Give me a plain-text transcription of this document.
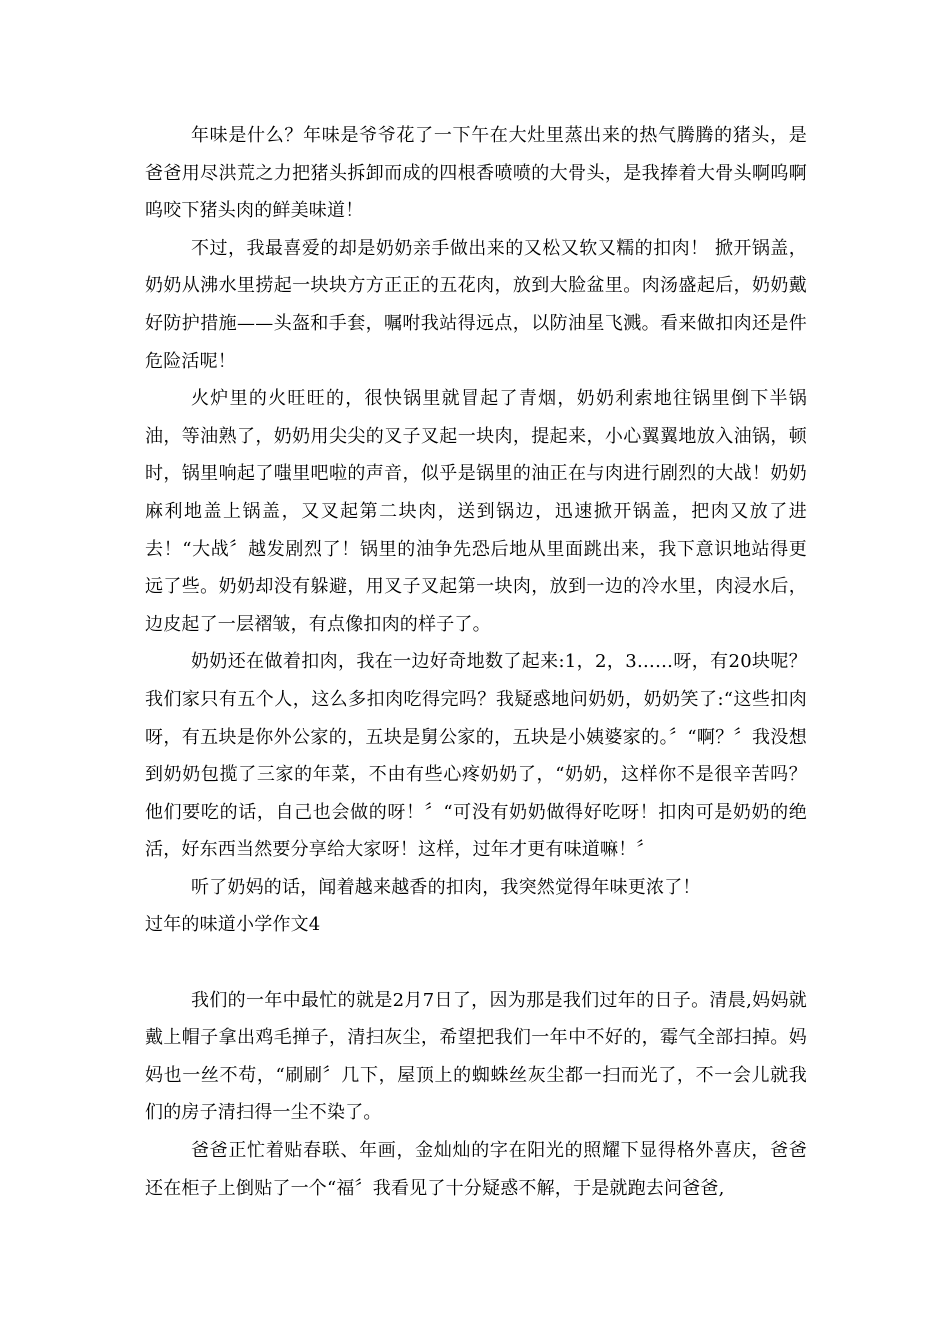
年味是什么？年味是爷爷花了一下午在大灶里蒸出来的热气腾腾的猪头，是爸爸用尽洪荒之力把猪头拆卸而成的四根香喷喷的大骨头，是我捧着大骨头啊呜啊呜咬下猪头肉的鲜美味道！

不过，我最喜爱的却是奶奶亲手做出来的又松又软又糯的扣肉！ 掀开锅盖，奶奶从沸水里捞起一块块方方正正的五花肉，放到大脸盆里。肉汤盛起后，奶奶戴好防护措施——头盔和手套，嘱咐我站得远点，以防油星飞溅。看来做扣肉还是件危险活呢！

火炉里的火旺旺的，很快锅里就冒起了青烟，奶奶利索地往锅里倒下半锅油，等油熟了，奶奶用尖尖的叉子叉起一块肉，提起来，小心翼翼地放入油锅，顿时，锅里响起了嗤里吧啦的声音，似乎是锅里的油正在与肉进行剧烈的大战！奶奶麻利地盖上锅盖，又叉起第二块肉，送到锅边，迅速掀开锅盖，把肉又放了进去！“大战〞越发剧烈了！锅里的油争先恐后地从里面跳出来，我下意识地站得更远了些。奶奶却没有躲避，用叉子叉起第一块肉，放到一边的冷水里，肉浸水后，边皮起了一层褶皱，有点像扣肉的样子了。

奶奶还在做着扣肉，我在一边好奇地数了起来:1，2，3……呀，有20块呢？我们家只有五个人，这么多扣肉吃得完吗？我疑惑地问奶奶，奶奶笑了:“这些扣肉呀，有五块是你外公家的，五块是舅公家的，五块是小姨婆家的。〞“啊？〞我没想到奶奶包揽了三家的年菜，不由有些心疼奶奶了，“奶奶，这样你不是很辛苦吗？他们要吃的话，自己也会做的呀！〞“可没有奶奶做得好吃呀！扣肉可是奶奶的绝活，好东西当然要分享给大家呀！这样，过年才更有味道嘛！〞

听了奶妈的话，闻着越来越香的扣肉，我突然觉得年味更浓了！

过年的味道小学作文4

我们的一年中最忙的就是2月7日了，因为那是我们过年的日子。清晨,妈妈就戴上帽子拿出鸡毛掸子，清扫灰尘，希望把我们一年中不好的，霉气全部扫掉。妈妈也一丝不苟，“刷刷〞几下，屋顶上的蜘蛛丝灰尘都一扫而光了，不一会儿就我们的房子清扫得一尘不染了。

爸爸正忙着贴春联、年画，金灿灿的字在阳光的照耀下显得格外喜庆，爸爸还在柜子上倒贴了一个“福〞我看见了十分疑惑不解，于是就跑去问爸爸,
